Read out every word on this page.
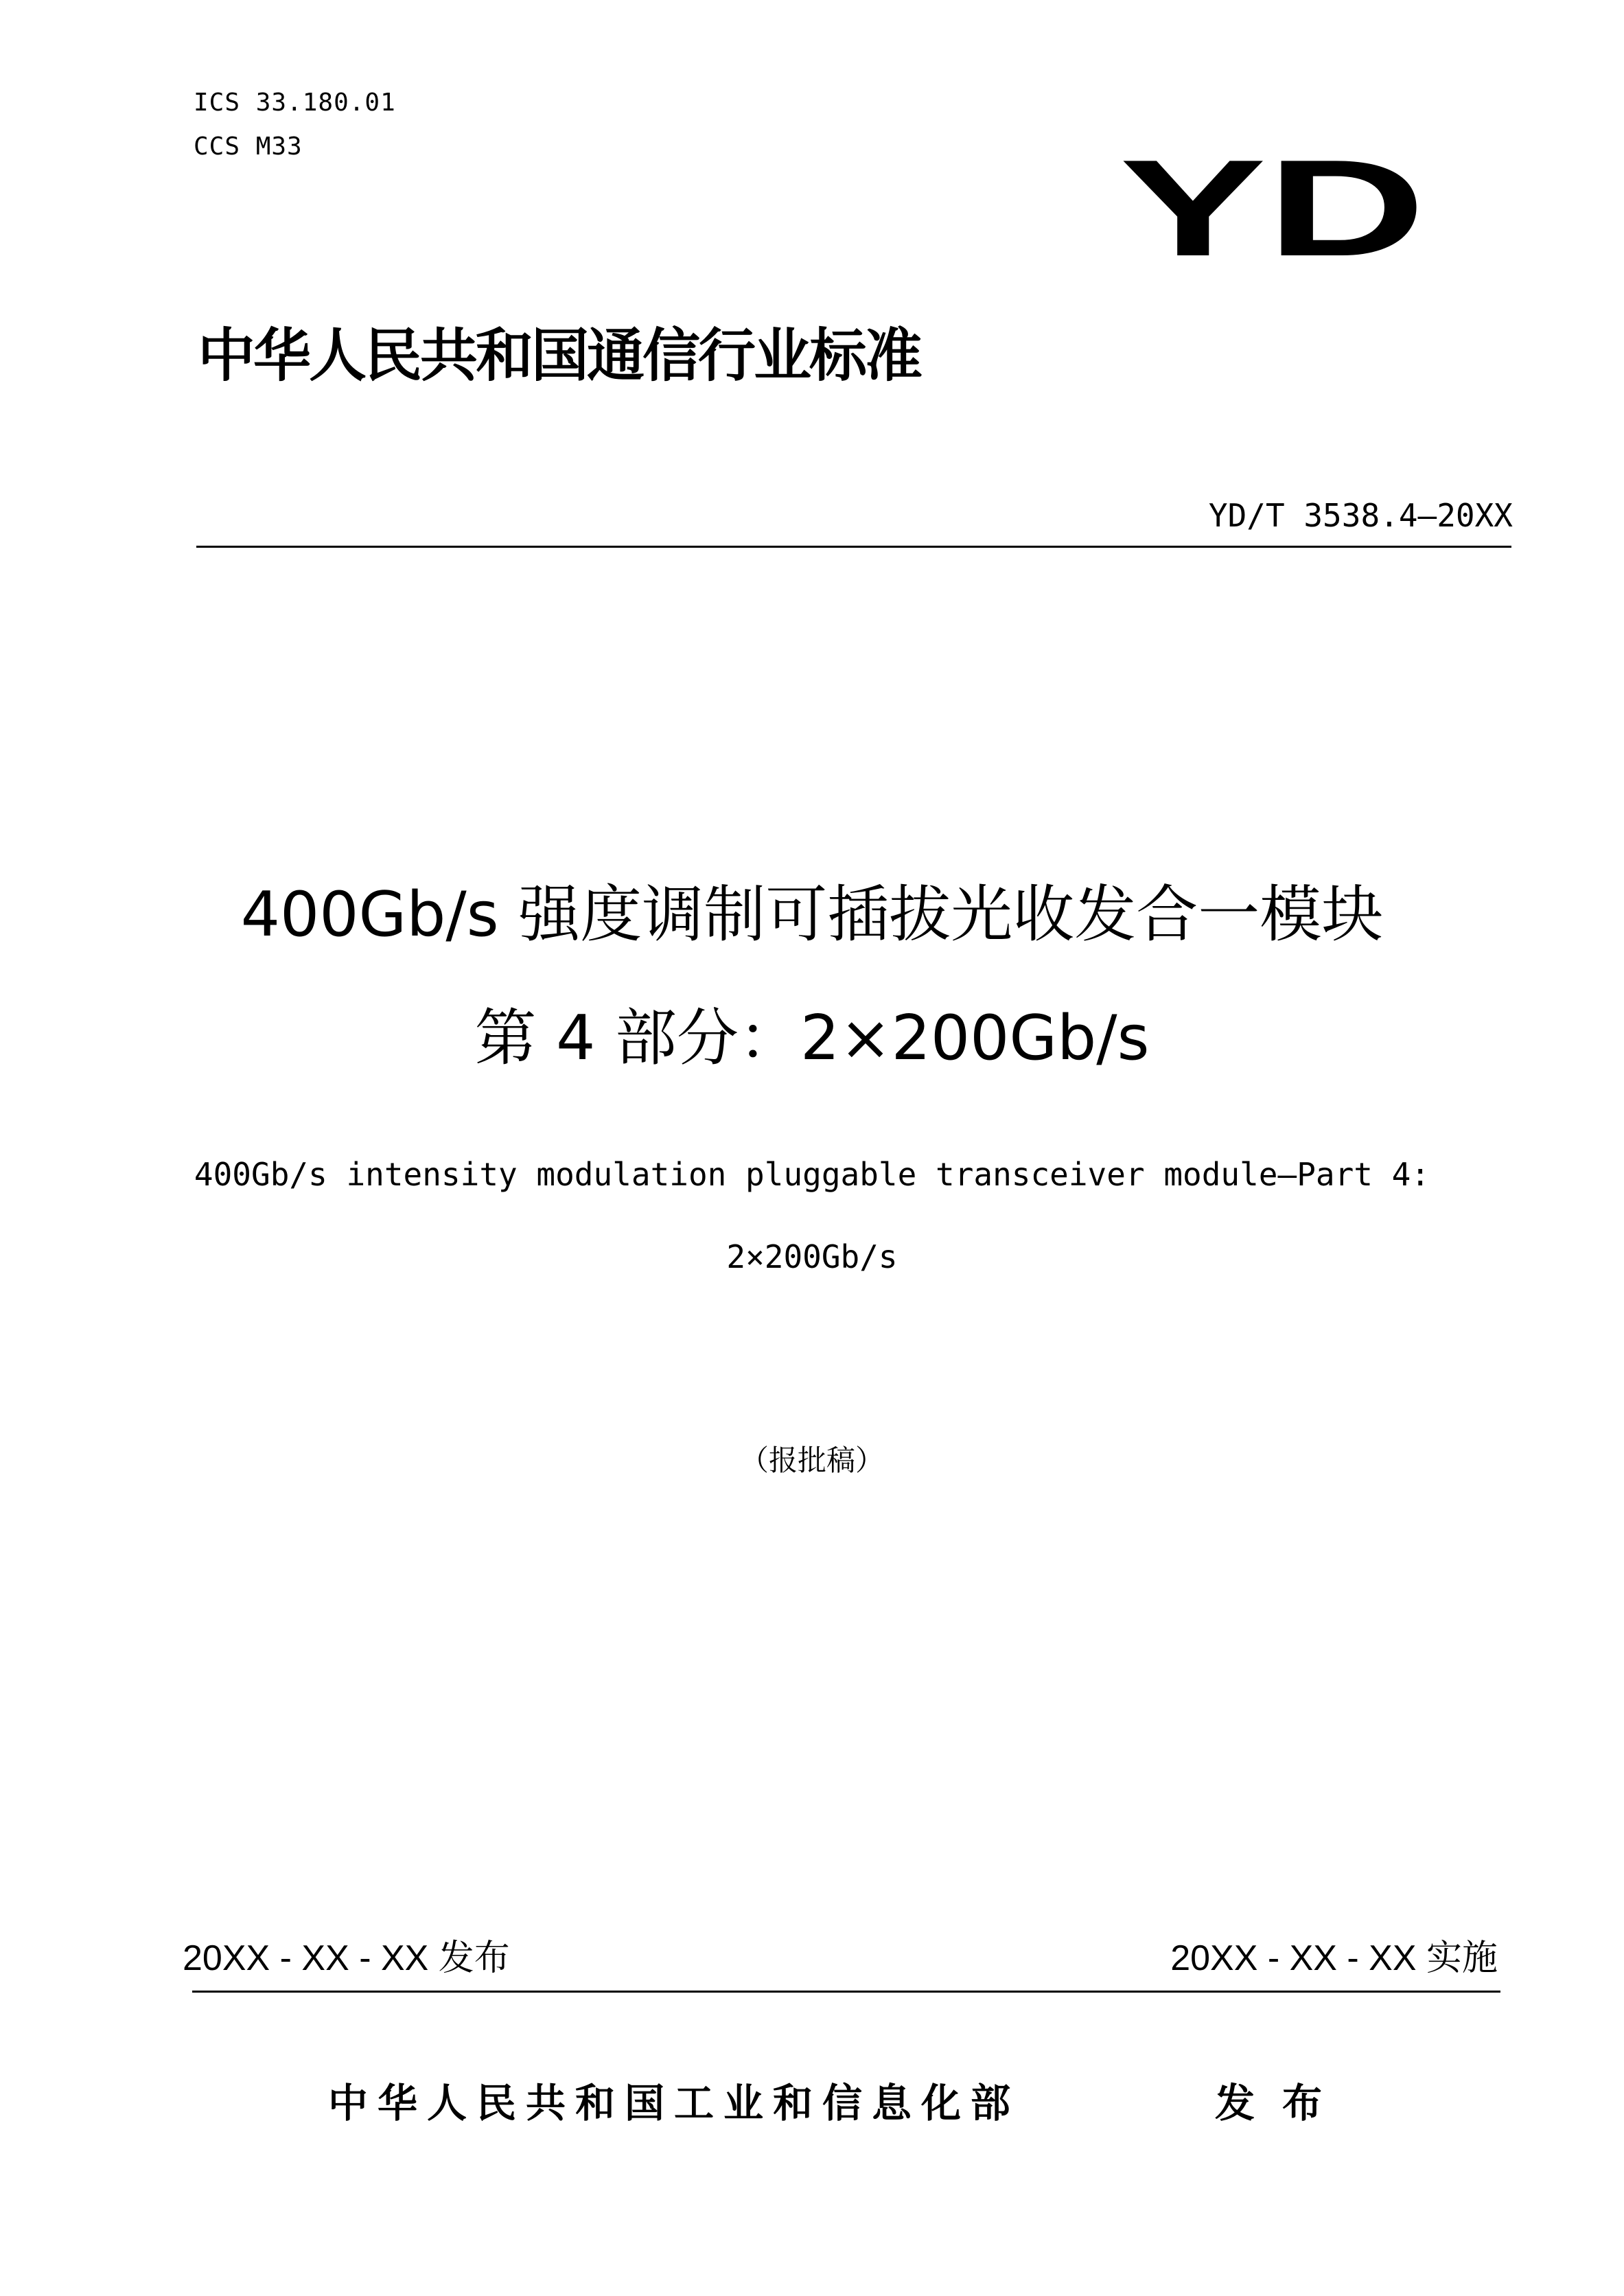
ICS 33.180.01
CCS M33	YD
中华人民共和国通信行业标准
YD/T 3538.4—20XX
400Gb/s 强度调制可插拔光收发合一模块
第 4 部分：2×200Gb/s
400Gb/s intensity modulation pluggable transceiver module—Part 4:
2×200Gb/s
（报批稿）
20XX - XX - XX 发布	20XX - XX - XX 实施
中华人民共和国工业和信息化部	发布
